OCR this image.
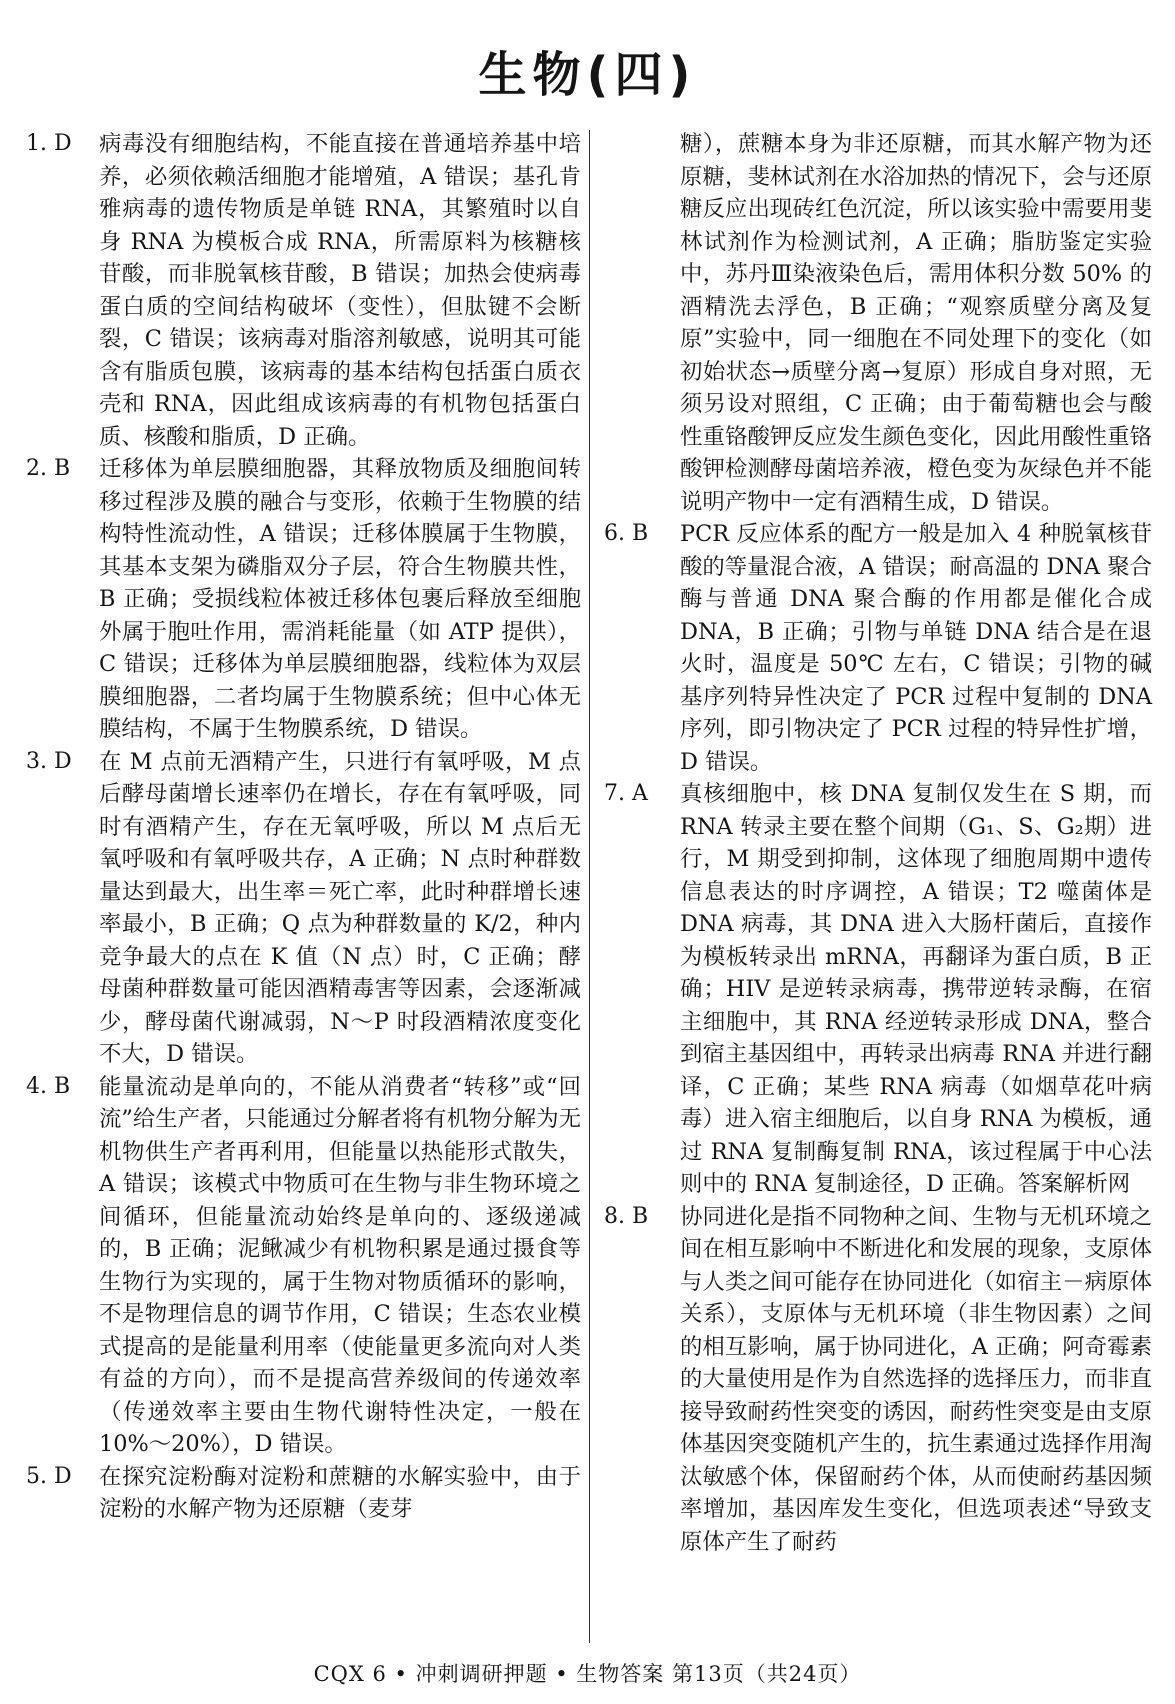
生物(四)
1. D 病毒没有细胞结构，不能直接在普通培养基中培养，必须依赖活细胞才能增殖，A 错误；基孔肯雅病毒的遗传物质是单链 RNA，其繁殖时以自身 RNA 为模板合成 RNA，所需原料为核糖核苷酸，而非脱氧核苷酸，B 错误；加热会使病毒蛋白质的空间结构破坏（变性），但肽键不会断裂，C 错误；该病毒对脂溶剂敏感，说明其可能含有脂质包膜，该病毒的基本结构包括蛋白质衣壳和 RNA，因此组成该病毒的有机物包括蛋白质、核酸和脂质，D 正确。
2. B 迁移体为单层膜细胞器，其释放物质及细胞间转移过程涉及膜的融合与变形，依赖于生物膜的结构特性流动性，A 错误；迁移体膜属于生物膜，其基本支架为磷脂双分子层，符合生物膜共性，B 正确；受损线粒体被迁移体包裹后释放至细胞外属于胞吐作用，需消耗能量（如 ATP 提供），C 错误；迁移体为单层膜细胞器，线粒体为双层膜细胞器，二者均属于生物膜系统；但中心体无膜结构，不属于生物膜系统，D 错误。
3. D 在 M 点前无酒精产生，只进行有氧呼吸，M 点后酵母菌增长速率仍在增长，存在有氧呼吸，同时有酒精产生，存在无氧呼吸，所以 M 点后无氧呼吸和有氧呼吸共存，A 正确；N 点时种群数量达到最大，出生率＝死亡率，此时种群增长速率最小，B 正确；Q 点为种群数量的 K/2，种内竞争最大的点在 K 值（N 点）时，C 正确；酵母菌种群数量可能因酒精毒害等因素，会逐渐减少，酵母菌代谢减弱，N～P 时段酒精浓度变化不大，D 错误。
4. B 能量流动是单向的，不能从消费者“转移”或“回流”给生产者，只能通过分解者将有机物分解为无机物供生产者再利用，但能量以热能形式散失，A 错误；该模式中物质可在生物与非生物环境之间循环，但能量流动始终是单向的、逐级递减的，B 正确；泥鳅减少有机物积累是通过摄食等生物行为实现的，属于生物对物质循环的影响，不是物理信息的调节作用，C 错误；生态农业模式提高的是能量利用率（使能量更多流向对人类有益的方向），而不是提高营养级间的传递效率（传递效率主要由生物代谢特性决定，一般在 10%～20%），D 错误。
5. D 在探究淀粉酶对淀粉和蔗糖的水解实验中，由于淀粉的水解产物为还原糖（麦芽
糖），蔗糖本身为非还原糖，而其水解产物为还原糖，斐林试剂在水浴加热的情况下，会与还原糖反应出现砖红色沉淀，所以该实验中需要用斐林试剂作为检测试剂，A 正确；脂肪鉴定实验中，苏丹Ⅲ染液染色后，需用体积分数 50% 的酒精洗去浮色，B 正确；“观察质壁分离及复原”实验中，同一细胞在不同处理下的变化（如初始状态→质壁分离→复原）形成自身对照，无须另设对照组，C 正确；由于葡萄糖也会与酸性重铬酸钾反应发生颜色变化，因此用酸性重铬酸钾检测酵母菌培养液，橙色变为灰绿色并不能说明产物中一定有酒精生成，D 错误。
6. B PCR 反应体系的配方一般是加入 4 种脱氧核苷酸的等量混合液，A 错误；耐高温的 DNA 聚合酶与普通 DNA 聚合酶的作用都是催化合成 DNA，B 正确；引物与单链 DNA 结合是在退火时，温度是 50℃ 左右，C 错误；引物的碱基序列特异性决定了 PCR 过程中复制的 DNA 序列，即引物决定了 PCR 过程的特异性扩增，D 错误。
7. A 真核细胞中，核 DNA 复制仅发生在 S 期，而 RNA 转录主要在整个间期（G₁、S、G₂期）进行，M 期受到抑制，这体现了细胞周期中遗传信息表达的时序调控，A 错误；T2 噬菌体是 DNA 病毒，其 DNA 进入大肠杆菌后，直接作为模板转录出 mRNA，再翻译为蛋白质，B 正确；HIV 是逆转录病毒，携带逆转录酶，在宿主细胞中，其 RNA 经逆转录形成 DNA，整合到宿主基因组中，再转录出病毒 RNA 并进行翻译，C 正确；某些 RNA 病毒（如烟草花叶病毒）进入宿主细胞后，以自身 RNA 为模板，通过 RNA 复制酶复制 RNA，该过程属于中心法则中的 RNA 复制途径，D 正确。答案解析网
8. B 协同进化是指不同物种之间、生物与无机环境之间在相互影响中不断进化和发展的现象，支原体与人类之间可能存在协同进化（如宿主－病原体关系），支原体与无机环境（非生物因素）之间的相互影响，属于协同进化，A 正确；阿奇霉素的大量使用是作为自然选择的选择压力，而非直接导致耐药性突变的诱因，耐药性突变是由支原体基因突变随机产生的，抗生素通过选择作用淘汰敏感个体，保留耐药个体，从而使耐药基因频率增加，基因库发生变化，但选项表述“导致支原体产生了耐药
CQX 6 • 冲刺调研押题 • 生物答案 第13页（共24页）
